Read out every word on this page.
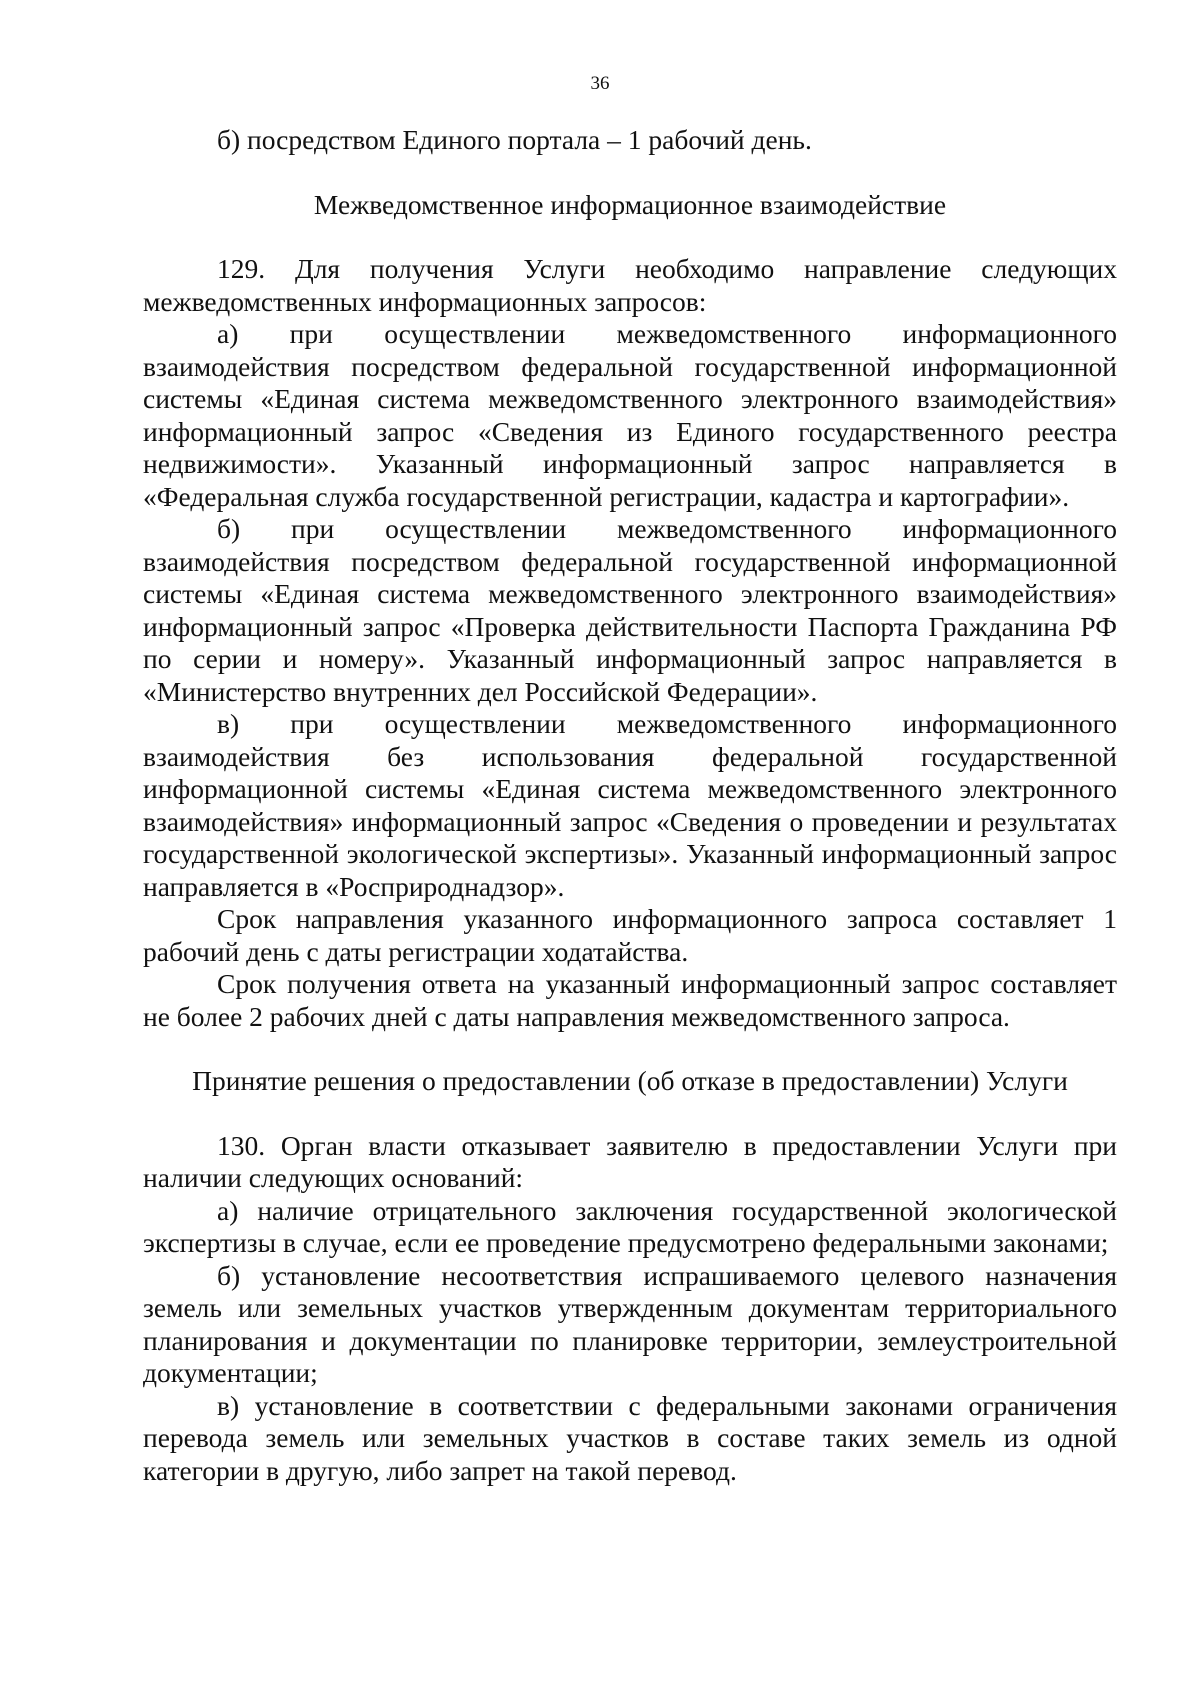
36

б) посредством Единого портала – 1 рабочий день.

Межведомственное информационное взаимодействие

129. Для получения Услуги необходимо направление следующих межведомственных информационных запросов:

а) при осуществлении межведомственного информационного взаимодействия посредством федеральной государственной информационной системы «Единая система межведомственного электронного взаимодействия» информационный запрос «Сведения из Единого государственного реестра недвижимости». Указанный информационный запрос направляется в «Федеральная служба государственной регистрации, кадастра и картографии».

б) при осуществлении межведомственного информационного взаимодействия посредством федеральной государственной информационной системы «Единая система межведомственного электронного взаимодействия» информационный запрос «Проверка действительности Паспорта Гражданина РФ по серии и номеру». Указанный информационный запрос направляется в «Министерство внутренних дел Российской Федерации».

в) при осуществлении межведомственного информационного взаимодействия без использования федеральной государственной информационной системы «Единая система межведомственного электронного взаимодействия» информационный запрос «Сведения о проведении и результатах государственной экологической экспертизы». Указанный информационный запрос направляется в «Росприроднадзор».

Срок направления указанного информационного запроса составляет 1 рабочий день с даты регистрации ходатайства.

Срок получения ответа на указанный информационный запрос составляет не более 2 рабочих дней с даты направления межведомственного запроса.

Принятие решения о предоставлении (об отказе в предоставлении) Услуги

130. Орган власти отказывает заявителю в предоставлении Услуги при наличии следующих оснований:

а) наличие отрицательного заключения государственной экологической экспертизы в случае, если ее проведение предусмотрено федеральными законами;

б) установление несоответствия испрашиваемого целевого назначения земель или земельных участков утвержденным документам территориального планирования и документации по планировке территории, землеустроительной документации;

в) установление в соответствии с федеральными законами ограничения перевода земель или земельных участков в составе таких земель из одной категории в другую, либо запрет на такой перевод.
